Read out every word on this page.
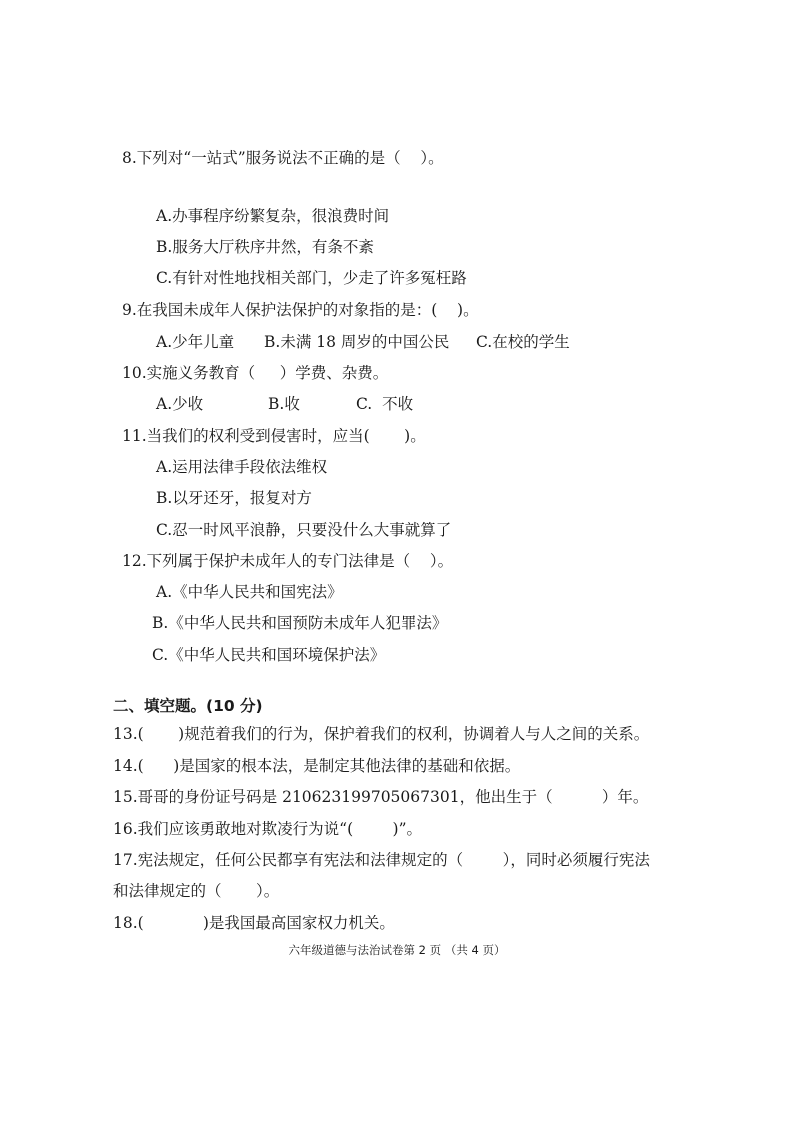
8.下列对“一站式”服务说法不正确的是（    ）。
A.办事程序纷繁复杂，很浪费时间
B.服务大厅秩序井然，有条不紊
C.有针对性地找相关部门，少走了许多冤枉路
9.在我国未成年人保护法保护的对象指的是：(    )。

A.少年儿童

B.未满 18 周岁的中国公民

C.在校的学生

10.实施义务教育（     ）学费、杂费。

A.少收

	B.收

	C.  不收

11.当我们的权利受到侵害时，应当(       )。
A.运用法律手段依法维权
B.以牙还牙，报复对方
C.忍一时风平浪静，只要没什么大事就算了
12.下列属于保护未成年人的专门法律是（    ）。
A.《中华人民共和国宪法》
B.《中华人民共和国预防未成年人犯罪法》
C.《中华人民共和国环境保护法》
二、填空题。(10 分)
13.(       )规范着我们的行为，保护着我们的权利，协调着人与人之间的关系。
14.(      )是国家的根本法，是制定其他法律的基础和依据。
15.哥哥的身份证号码是 210623199705067301，他出生于（          ）年。
16.我们应该勇敢地对欺凌行为说“(        )”。
17.宪法规定，任何公民都享有宪法和法律规定的（        ），同时必须履行宪法
和法律规定的（       ）。
18.(            )是我国最高国家权力机关。
六年级道德与法治试卷第 2 页 （共 4 页）
